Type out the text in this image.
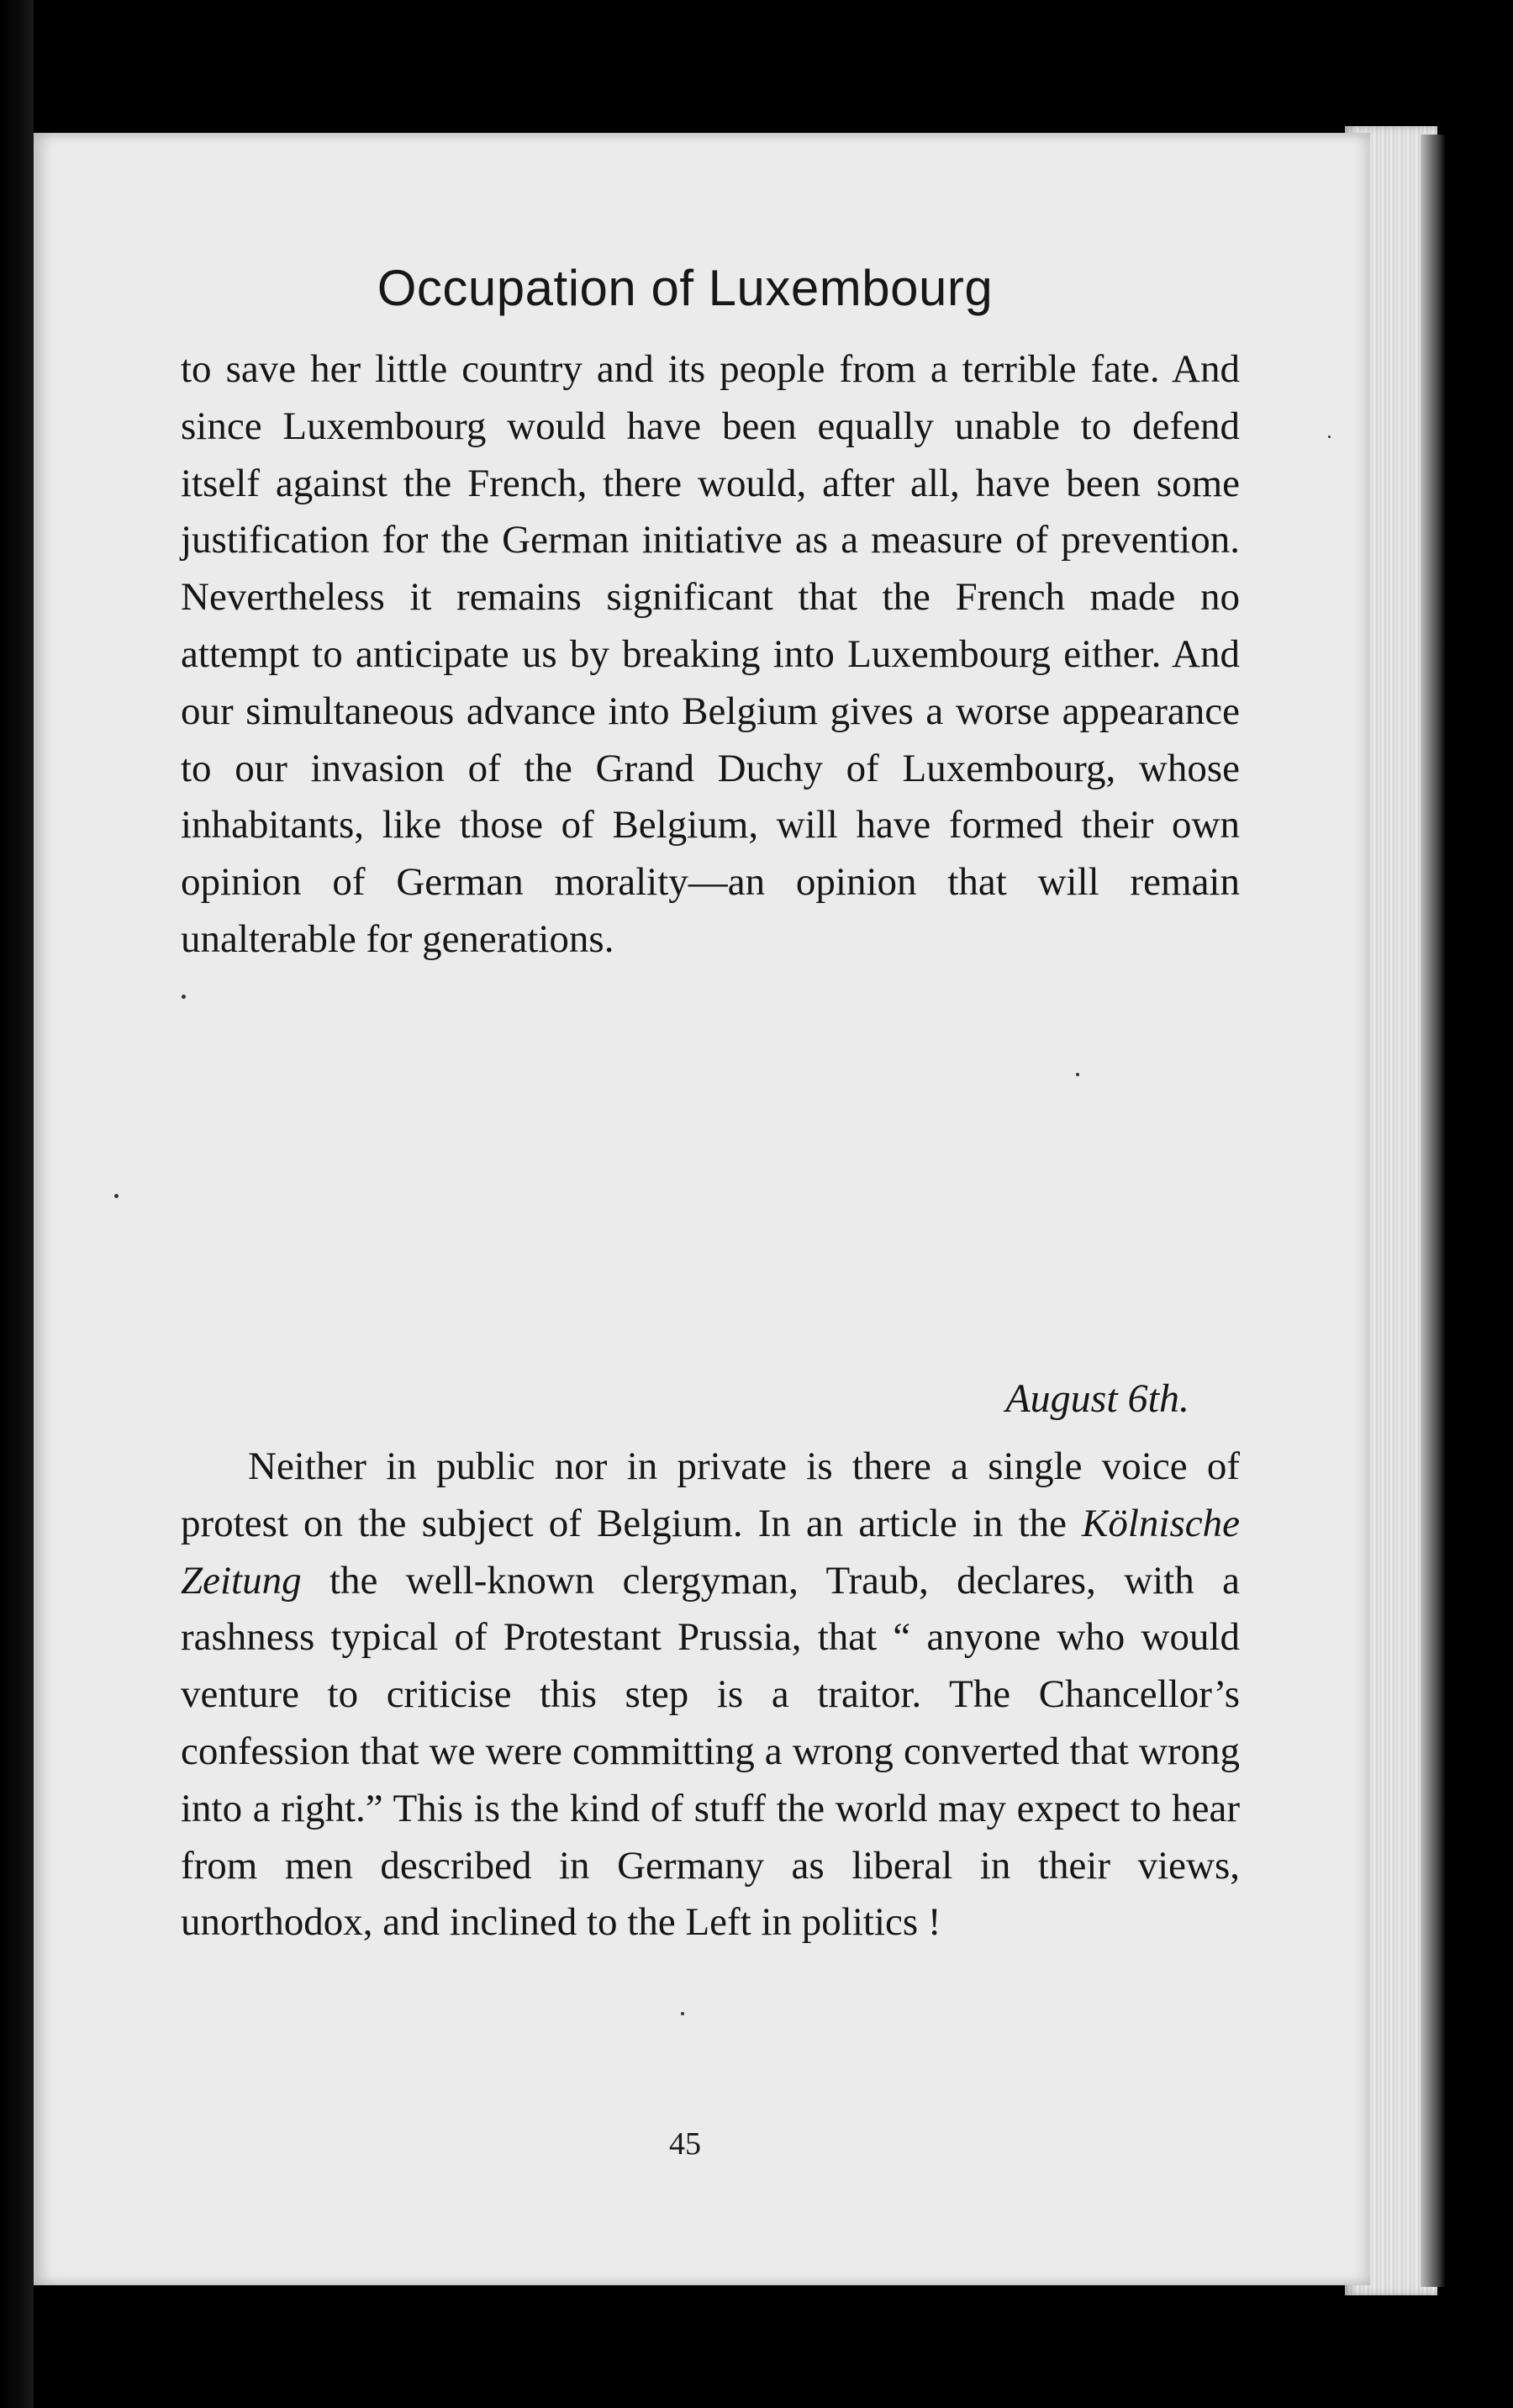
Occupation of Luxembourg

to save her little country and its people from a terrible fate. And since Luxembourg would have been equally unable to defend itself against the French, there would, after all, have been some justification for the German initiative as a measure of prevention. Nevertheless it remains significant that the French made no attempt to anticipate us by breaking into Luxembourg either. And our simultaneous advance into Belgium gives a worse appearance to our invasion of the Grand Duchy of Luxembourg, whose inhabitants, like those of Belgium, will have formed their own opinion of German morality—an opinion that will remain unalterable for generations.

August 6th.

Neither in public nor in private is there a single voice of protest on the subject of Belgium. In an article in the Kölnische Zeitung the well-known clergyman, Traub, declares, with a rashness typical of Protestant Prussia, that “ anyone who would venture to criticise this step is a traitor. The Chancellor’s confession that we were committing a wrong converted that wrong into a right.” This is the kind of stuff the world may expect to hear from men described in Germany as liberal in their views, unorthodox, and inclined to the Left in politics !

45
